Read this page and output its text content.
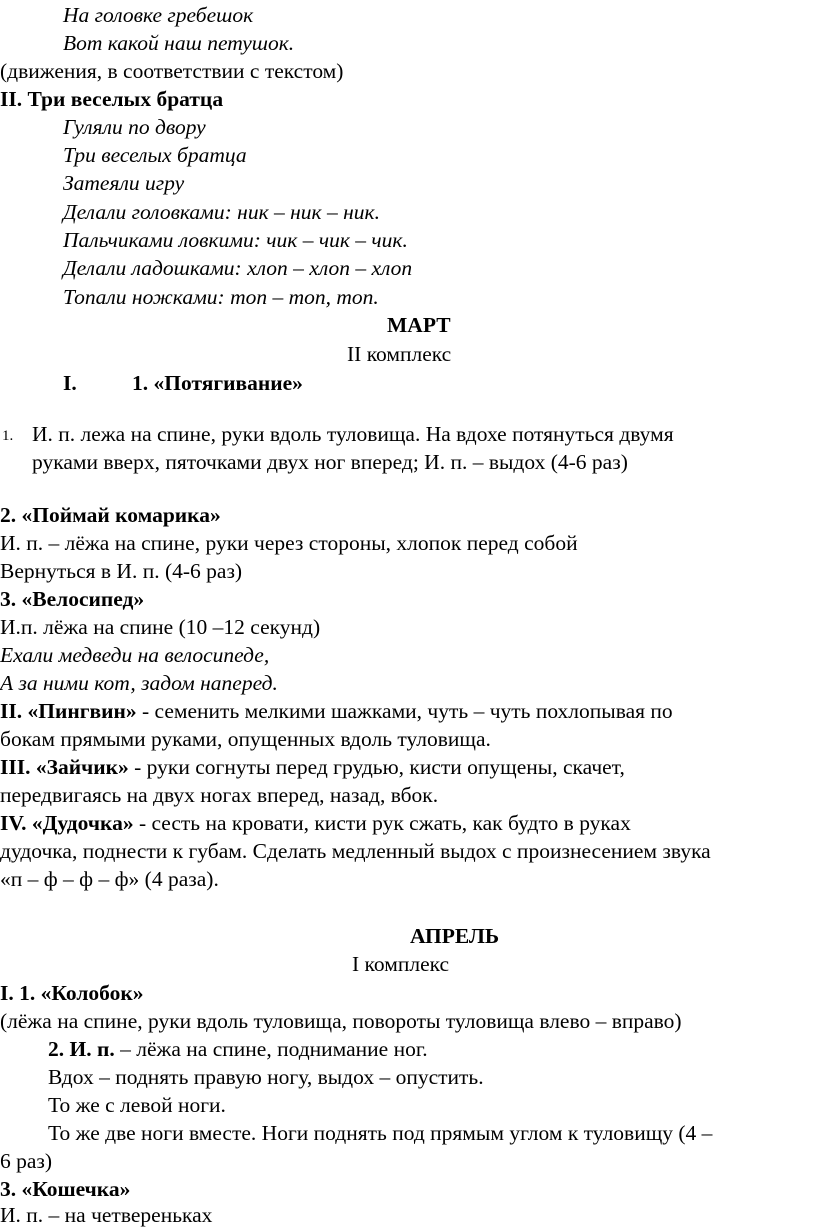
На головке гребешок
Вот какой наш петушок.
(движения, в соответствии с текстом)
II. Три веселых братца
Гуляли по двору
Три веселых братца
Затеяли игру
Делали головками: ник – ник – ник.
Пальчиками ловкими: чик – чик – чик.
Делали ладошками: хлоп – хлоп – хлоп
Топали ножками: топ – топ, топ.
МАРТ
II комплекс
I.	1. «Потягивание»
1. И. п. лежа на спине, руки вдоль туловища. На вдохе потянуться двумя
руками вверх, пяточками двух ног вперед; И. п. – выдох (4-6 раз)
2. «Поймай комарика»
И. п. – лёжа на спине, руки через стороны, хлопок перед собой
Вернуться в И. п. (4-6 раз)
3. «Велосипед»
И.п. лёжа на спине (10 –12 секунд)
Ехали медведи на велосипеде,
А за ними кот, задом наперед.
II. «Пингвин» - семенить мелкими шажками, чуть – чуть похлопывая по
бокам прямыми руками, опущенных вдоль туловища.
III. «Зайчик» - руки согнуты перед грудью, кисти опущены, скачет,
передвигаясь на двух ногах вперед, назад, вбок.
IV. «Дудочка» - сесть на кровати, кисти рук сжать, как будто в руках
дудочка, поднести к губам. Сделать медленный выдох с произнесением звука
«п – ф – ф – ф» (4 раза).
АПРЕЛЬ
I комплекс
I. 1. «Колобок»
(лёжа на спине, руки вдоль туловища, повороты туловища влево – вправо)
2. И. п. – лёжа на спине, поднимание ног.
Вдох – поднять правую ногу, выдох – опустить.
То же с левой ноги.
То же две ноги вместе. Ноги поднять под прямым углом к туловищу (4 –
6 раз)
3. «Кошечка»
И. п. – на четвереньках
